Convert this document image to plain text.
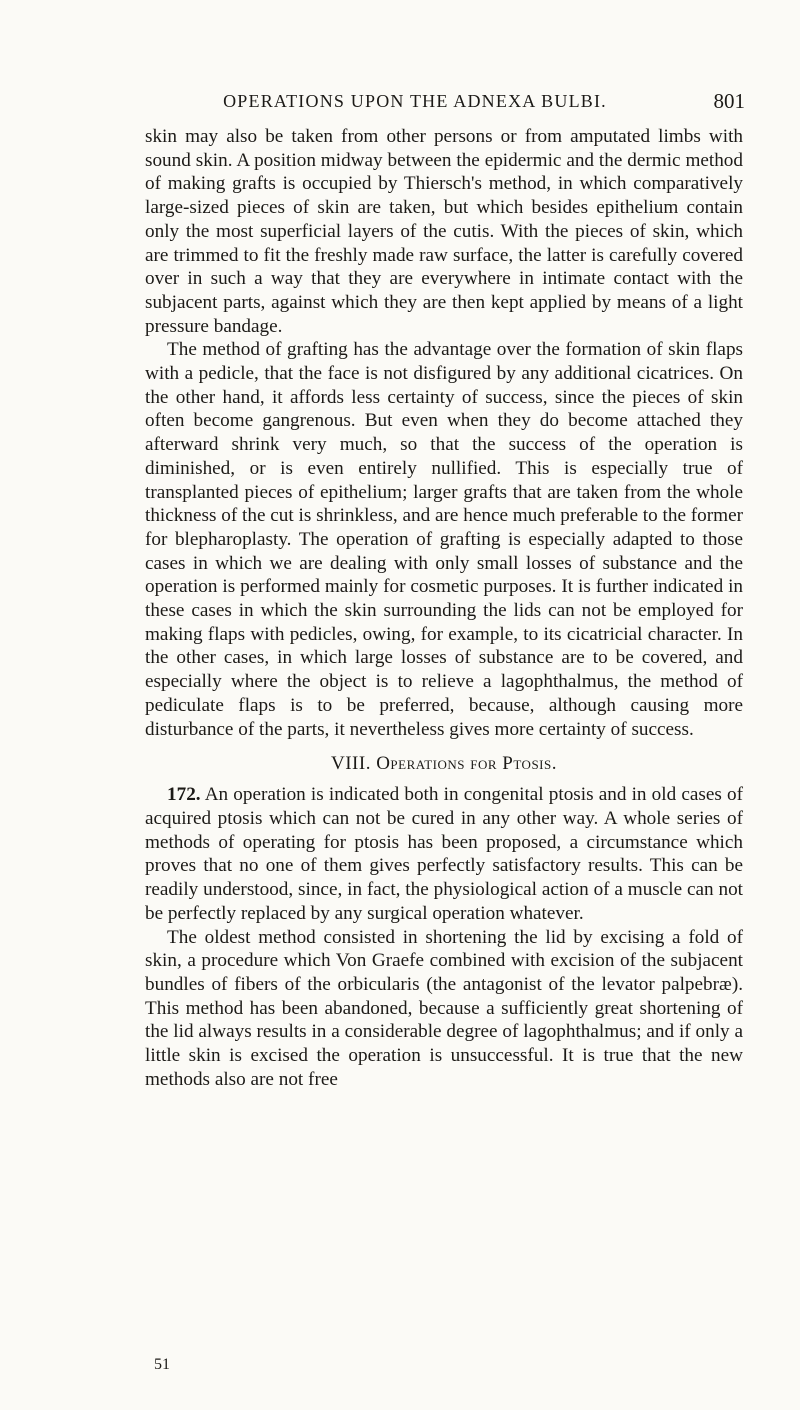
OPERATIONS UPON THE ADNEXA BULBI.	801

skin may also be taken from other persons or from amputated limbs with sound skin. A position midway between the epidermic and the dermic method of making grafts is occupied by Thiersch's method, in which comparatively large-sized pieces of skin are taken, but which besides epithelium contain only the most superficial layers of the cutis. With the pieces of skin, which are trimmed to fit the freshly made raw surface, the latter is carefully covered over in such a way that they are everywhere in intimate contact with the subjacent parts, against which they are then kept applied by means of a light pressure bandage.

The method of grafting has the advantage over the formation of skin flaps with a pedicle, that the face is not disfigured by any additional cicatrices. On the other hand, it affords less certainty of success, since the pieces of skin often become gangrenous. But even when they do become attached they afterward shrink very much, so that the success of the operation is diminished, or is even entirely nullified. This is especially true of transplanted pieces of epithelium; larger grafts that are taken from the whole thickness of the cut is shrinkless, and are hence much preferable to the former for blepharoplasty. The operation of grafting is especially adapted to those cases in which we are dealing with only small losses of substance and the operation is performed mainly for cosmetic purposes. It is further indicated in these cases in which the skin surrounding the lids can not be employed for making flaps with pedicles, owing, for example, to its cicatricial character. In the other cases, in which large losses of substance are to be covered, and especially where the object is to relieve a lagophthalmus, the method of pediculate flaps is to be preferred, because, although causing more disturbance of the parts, it nevertheless gives more certainty of success.

VIII. Operations for Ptosis.

172. An operation is indicated both in congenital ptosis and in old cases of acquired ptosis which can not be cured in any other way. A whole series of methods of operating for ptosis has been proposed, a circumstance which proves that no one of them gives perfectly satisfactory results. This can be readily understood, since, in fact, the physiological action of a muscle can not be perfectly replaced by any surgical operation whatever.

The oldest method consisted in shortening the lid by excising a fold of skin, a procedure which Von Graefe combined with excision of the subjacent bundles of fibers of the orbicularis (the antagonist of the levator palpebræ). This method has been abandoned, because a sufficiently great shortening of the lid always results in a considerable degree of lagophthalmus; and if only a little skin is excised the operation is unsuccessful. It is true that the new methods also are not free

51
